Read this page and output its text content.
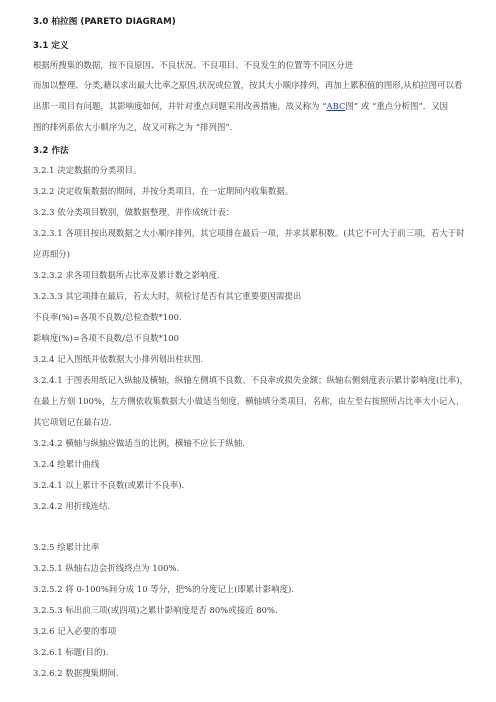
3.0 柏拉图 (PARETO DIAGRAM)
3.1 定义
根据所搜集的数据，按不良原因、不良状况、不良项目、不良发生的位置等不同区分进
而加以整理、分类,藉以求出最大比率之原因,状况或位置，按其大小顺序排列，再加上累积值的图形,从柏拉图可以看
出那一项目有问题，其影响度如何，并针对重点问题采用改善措施，故又称为 “ABC图” 或 “重点分析图”．又因
图的排列系依大小顺序为之，故又可称之为 “排列图”．
3.2 作法
3.2.1 决定数据的分类项目。
3.2.2 决定收集数据的期间，并按分类项目，在一定期间内收集数据。
3.2.3 依分类项目数别，做数据整理，并作成统计表：
3.2.3.1 各项目按出现数据之大小顺序排列，其它项排在最后一项，并求其累积数。(其它不可大于前三项，若大于时
应再细分)
3.2.3.2 求各项目数据所占比率及累计数之影响度.
3.2.3.3 其它项排在最后，若太大时，须检讨是否有其它重要要因需提出
不良率(%)=各项不良数/总检查数*100.
影响度(%)=各项不良数/总不良数*100
3.2.4 记入图纸并依数据大小排列划出柱状图.
3.2.4.1 于图表用纸记入纵轴及横轴，纵轴左侧填不良数、不良率或损失金额；纵轴右侧刻度表示累计影响度(比率)，
在最上方刻 100%，左方侧依收集数据大小做适当刻度，横轴填分类项目，名称，由左至右按照所占比率大小记入，
其它项划记在最右边.
3.2.4.2 横轴与纵轴应做适当的比例，横轴不应长于纵轴.
3.2.4 绘累计曲线
3.2.4.1 以上累计不良数(或累计不良率).
3.2.4.2 用折线连结.
3.2.5 绘累计比率
3.2.5.1 纵轴右边会折线终点为 100%.
3.2.5.2 将 0-100%间分成 10 等分，把%的分度记上(即累计影响度).
3.2.5.3 标出前三项(或四项)之累计影响度是否 80%或接近 80%.
3.2.6 记入必要的事项
3.2.6.1 标题(目的).
3.2.6.2 数据搜集期间.
